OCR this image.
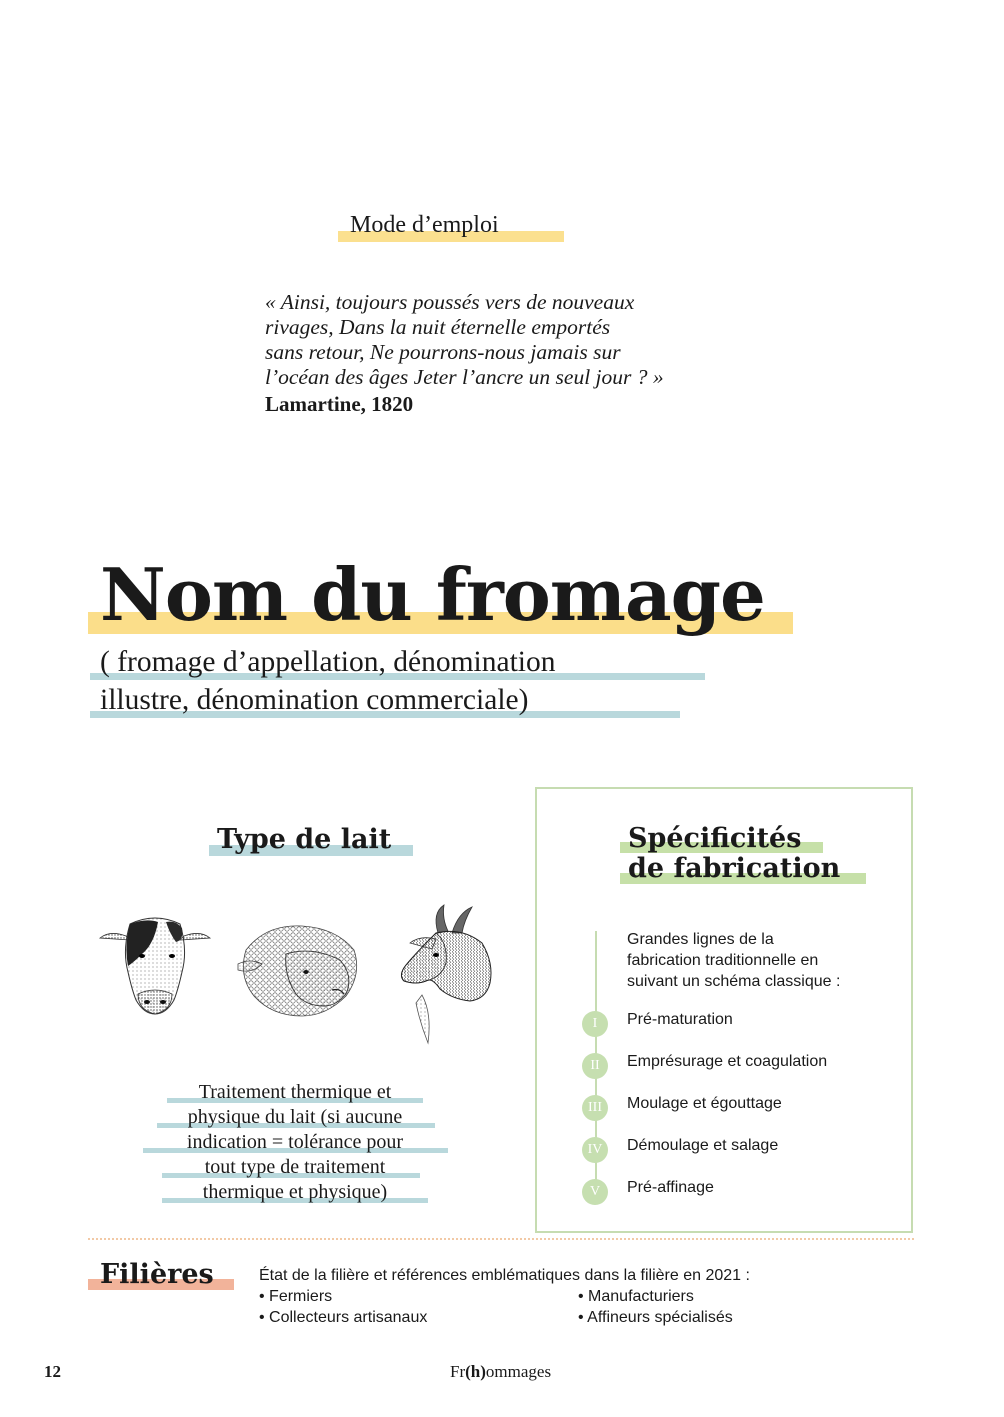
Mode d’emploi
« Ainsi, toujours poussés vers de nouveaux
rivages, Dans la nuit éternelle emportés
sans retour, Ne pourrons-nous jamais sur
l’océan des âges Jeter l’ancre un seul jour ? »
Lamartine, 1820
Nom du fromage
( fromage d’appellation, dénomination
illustre, dénomination commerciale)
Type de lait
Traitement thermique et
physique du lait (si aucune
indication = tolérance pour
tout type de traitement
thermique et physique)
Spécificités
de fabrication
Grandes lignes de la
fabrication traditionnelle en
suivant un schéma classique :
I	Pré-maturation
II	Emprésurage et coagulation
III	Moulage et égouttage
IV	Démoulage et salage
V	Pré-affinage
Filières	État de la filière et références emblématiques dans la filière en 2021 :
• Fermiers
• Collecteurs artisanaux
• Manufacturiers
• Affineurs spécialisés
12	Fr(h)ommages
